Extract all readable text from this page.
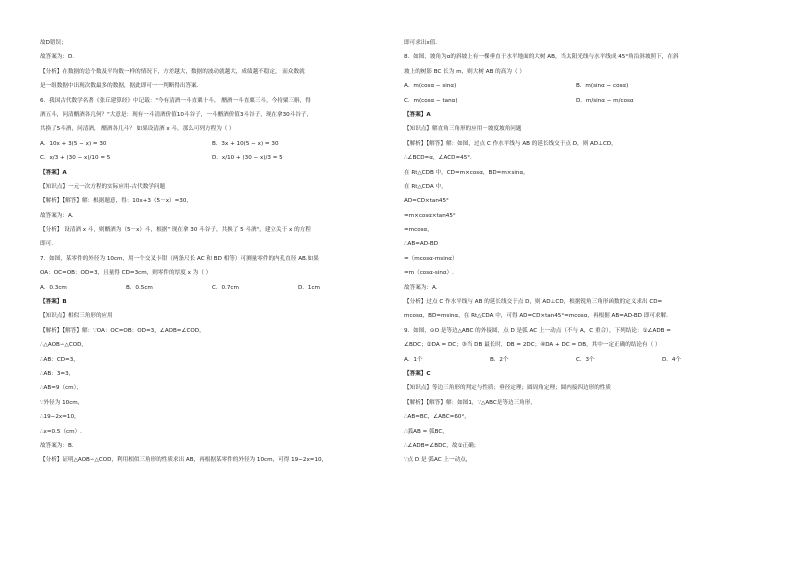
故D错误；
故答案为：D.
【分析】在数据的总个数及平均数一样的情况下，方差越大，数据的波动就越大，成绩越不稳定， 而众数就
是一组数据中出现次数最多的数据，据此即可一一判断得出答案.
6．我国古代数学名著《张丘建算经》中记载："今有清酒一斗直粟十斗， 醑酒一斗直粟三斗，今持粟三斛，得
酒五斗，问清醑酒各几何？"大意是：现有一斗清酒价值10斗谷子，一斗醑酒价值3斗谷子，现在拿30斗谷子，
共换了5斗酒，问清酒， 醑酒各几斗？ 如果设清酒 x 斗，那么可列方程为（ ）
A．10x + 3(5 − x) = 30	B．3x + 10(5 − x) = 30
C．x/3 + (30 − x)/10 = 5	D．x/10 + (30 − x)/3 = 5
【答案】A
【知识点】一元一次方程的实际应用-古代数学问题
【解析】【解答】解：根据题意，得：10x+3（5－x）=30，
故答案为：A.
【分析】 设清酒 x 斗，则醑酒为（5－x）斗，根据" 现在拿 30 斗谷子，共换了 5 斗酒"，建立关于 x 的方程
即可.
7．如图，某零件的外径为 10cm，用一个交叉卡钳（两条尺长 AC 和 BD 相等）可测量零件的内孔直径 AB.如果
OA：OC=OB：OD=3，且量得 CD=3cm，则零件的厚度 x 为（ ）
A．0.3cm	B．0.5cm	C．0.7cm	D．1cm
【答案】B
【知识点】相似三角形的应用
【解析】【解答】解：∵OA：OC=OB：OD=3，∠AOB=∠COD，
∴△AOB∽△COD，
∴AB：CD=3，
∴AB：3=3，
∴AB=9（cm），
∵外径为 10cm，
∴19−2x=10，
∴x=0.5（cm）.
故答案为：B.
【分析】证明△AOB∽△COD，利用相似三角形的性质求出 AB，再根据某零件的外径为 10cm，可得 19−2x=10，
即可求出x值.
8．如图，坡角为α的斜坡上有一棵垂直于水平地面的大树 AB，当太阳光线与水平线成 45°角沿斜坡照下，在斜
坡上的树影 BC 长为 m，则大树 AB 的高为（ ）
A．m(cosα − sinα)	B．m(sinα − cosα)
C．m(cosα − tanα)	D．m/sinα − m/cosα
【答案】A
【知识点】解直角三角形的应用－坡度坡角问题
【解析】【解答】解：如图，过点 C 作水平线与 AB 的延长线交于点 D，则 AD⊥CD，
∴∠BCD=α，∠ACD=45°.
在 Rt△CDB 中，CD=m×cosα，BD=m×sinα，
在 Rt△CDA 中，
AD=CD×tan45°
=m×cosα×tan45°
=mcosα，
∴AB=AD-BD
=（mcosα-msinα）
=m（cosα-sinα）.
故答案为：A.
【分析】过点 C 作水平线与 AB 的延长线交于点 D，则 AD⊥CD，根据锐角三角形函数的定义求出 CD=
mcosα，BD=msinα，在 Rt△CDA 中，可得 AD=CD×tan45°=mcosα，再根据 AB=AD-BD 即可求解.
9．如图，⊙O 是等边△ABC 的外接圆，点 D 是弧 AC 上一动点（不与 A，C 重合），下列结论：①∠ADB =
∠BDC；②DA = DC；③当 DB 最长时，DB = 2DC；④DA + DC = DB，其中一定正确的结论有（ ）
A．1个	B．2个	C．3个	D．4个
【答案】C
【知识点】等边三角形的判定与性质；垂径定理；圆周角定理；圆内接四边形的性质
【解析】【解答】解：如图1，∵△ABC是等边三角形，
∴AB=BC，∠ABC=60°，
∴弧AB = 弧BC，
∴∠ADB=∠BDC，故①正确；
∵点 D 是 弧AC 上一动点，
